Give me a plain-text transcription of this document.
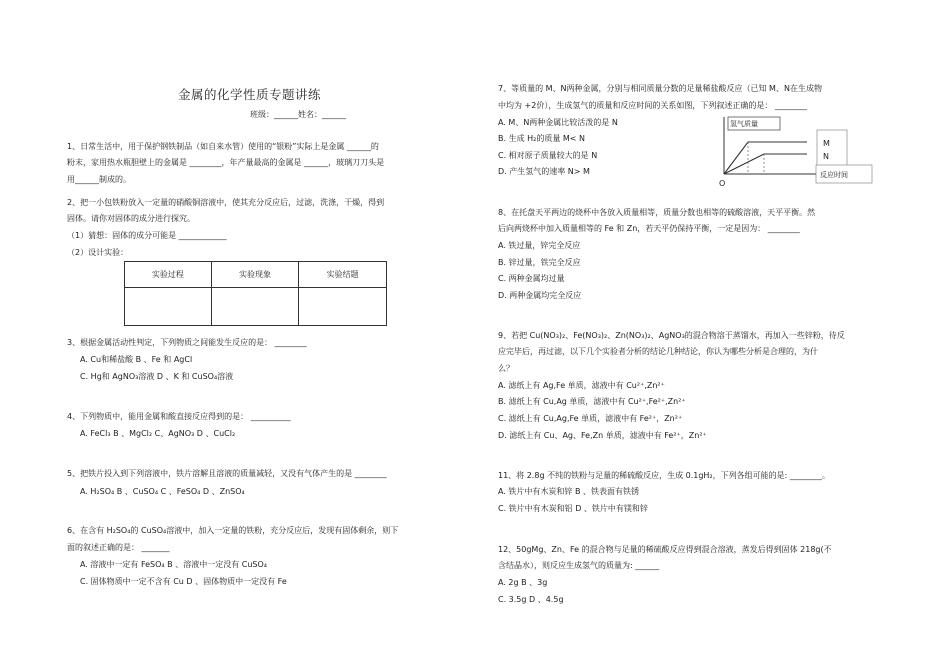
金属的化学性质专题讲练
班级：______姓名：______
1、日常生活中，用于保护钢铁制品（如自来水管）使用的“银粉”实际上是金属 ______的
粉末，家用热水瓶胆壁上的金属是 ________，年产量最高的金属是 ______，玻璃刀刀头是
用______制成的。
2、把一小包铁粉放入一定量的硝酸铜溶液中，使其充分反应后，过滤，洗涤，干燥，得到
固体。请你对固体的成分进行探究。
（1）猜想：固体的成分可能是 ____________
（2）设计实验：
实验过程	实验现象	实验结题

3、根据金属活动性判定，下列物质之间能发生反应的是： ________
A. Cu和稀盐酸 B 、Fe 和 AgCl
C. Hg和 AgNO₃溶液 D 、K 和 CuSO₄溶液
4、下列物质中，能用金属和酸直接反应得到的是： __________
A. FeCl₃ B 、MgCl₂ C、AgNO₃ D 、CuCl₂
5、把铁片投入到下列溶液中，铁片溶解且溶液的质量减轻，又没有气体产生的是 ________
A. H₂SO₄ B 、CuSO₄ C 、FeSO₄ D 、ZnSO₄
6、在含有 H₂SO₄的 CuSO₄溶液中，加入一定量的铁粉，充分反应后，发现有固体剩余，则下
面的叙述正确的是： _______
A. 溶液中一定有 FeSO₄ B 、溶液中一定没有 CuSO₄
C. 固体物质中一定不含有 Cu D 、固体物质中一定没有 Fe
7、等质量的 M、N两种金属，分别与相同质量分数的足量稀盐酸反应（已知 M、N在生成物
中均为 +2价），生成氢气的质量和反应时间的关系如图，下列叙述正确的是： ________
A. M、N两种金属比较活泼的是 N
B. 生成 H₂的质量 M< N
C. 相对原子质量较大的是 N
D. 产生氢气的速率 N> M
氢气质量
M
N
反应时间
O
8、在托盘天平两边的烧杯中各放入质量相等，质量分数也相等的硫酸溶液，天平平衡。然
后向两烧杯中加入质量相等的 Fe 和 Zn，若天平仍保持平衡，一定是因为： ________
A. 铁过量，锌完全反应
B. 锌过量，铁完全反应
C. 两种金属均过量
D. 两种金属均完全反应
9、若把 Cu(NO₃)₂、Fe(NO₃)₂、Zn(NO₃)₂、AgNO₃的混合物溶于蒸馏水，再加入一些锌粉，待反
应完毕后，再过滤，以下几个实验者分析的结论几种结论，你认为哪些分析是合理的，为什
么？
A. 滤纸上有 Ag,Fe 单质，滤液中有 Cu²⁺,Zn²⁺
B. 滤纸上有 Cu,Ag 单质，滤液中有 Cu²⁺,Fe²⁺,Zn²⁺
C. 滤纸上有 Cu,Ag,Fe 单质，滤液中有 Fe²⁺，Zn²⁺
D. 滤纸上有 Cu、Ag、Fe,Zn 单质，滤液中有 Fe²⁺，Zn²⁺
11、将 2.8g 不纯的铁粉与足量的稀硫酸反应，生成 0.1gH₂，下列各组可能的是: ________。
A. 铁片中有木炭和锌 B 、铁表面有铁锈
C. 铁片中有木炭和铝 D 、铁片中有镁和锌
12、50gMg、Zn、Fe 的混合物与足量的稀硫酸反应得到混合溶液，蒸发后得到固体 218g(不
含结晶水），则反应生成氢气的质量为: ______
A. 2g B 、3g
C. 3.5g D 、4.5g
